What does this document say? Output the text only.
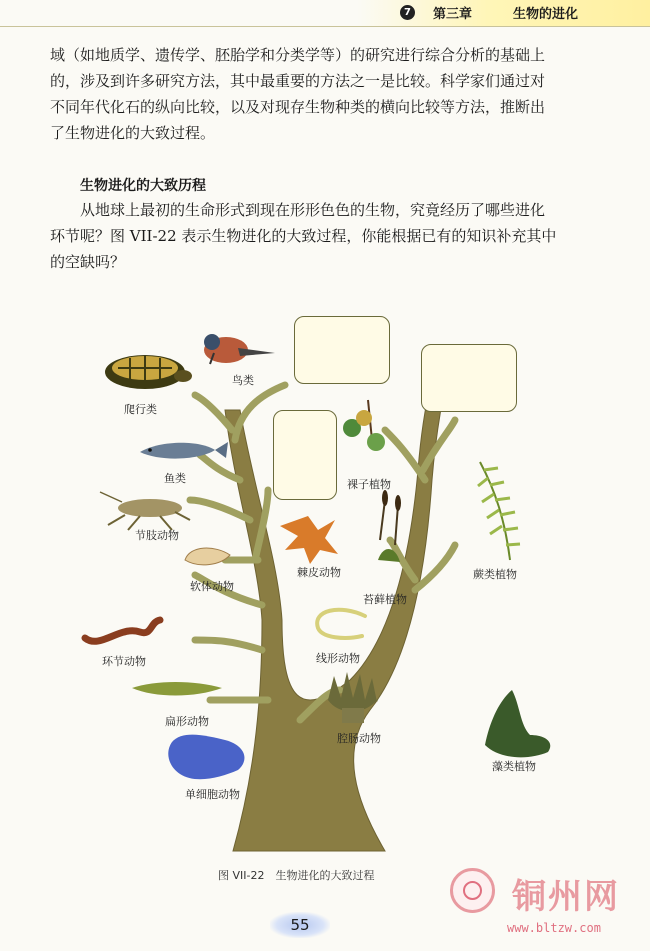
7	第三章	生物的进化

域（如地质学、遗传学、胚胎学和分类学等）的研究进行综合分析的基础上
的，涉及到许多研究方法，其中最重要的方法之一是比较。科学家们通过对
不同年代化石的纵向比较，以及对现存生物种类的横向比较等方法，推断出
了生物进化的大致过程。

生物进化的大致历程

从地球上最初的生命形式到现在形形色色的生物，究竟经历了哪些进化
环节呢？图 VII-22 表示生物进化的大致过程，你能根据已有的知识补充其中
的空缺吗？

爬行类
鸟类
鱼类
节肢动物
软体动物
环节动物
扁形动物
单细胞动物
棘皮动物
线形动物
腔肠动物
裸子植物
苔藓植物
蕨类植物
藻类植物
图 VII-22　生物进化的大致过程
55
铜州网
www.bltzw.com
